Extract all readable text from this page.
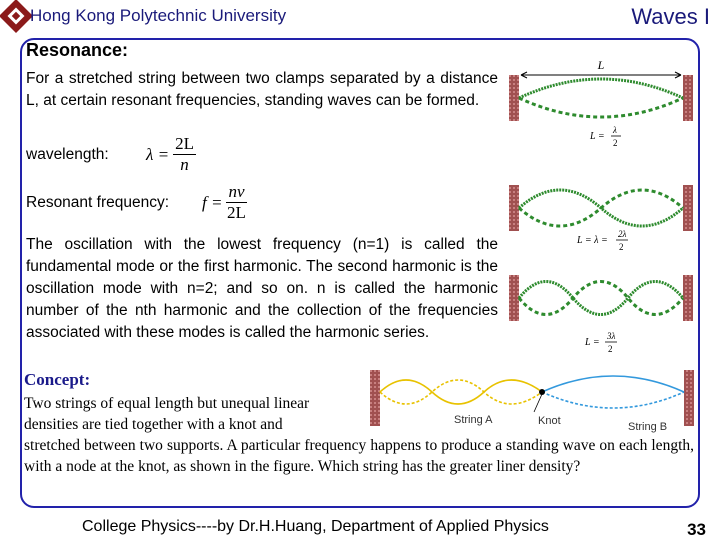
Hong Kong Polytechnic University	Waves I
Resonance:
For a stretched string between two clamps separated by a distance L, at certain resonant frequencies, standing waves can be formed.
wavelength: $\lambda = \frac{2L}{n}$
Resonant frequency: $f = \frac{nv}{2L}$
The oscillation with the lowest frequency (n=1) is called the fundamental mode or the first harmonic. The second harmonic is the oscillation mode with n=2; and so on. n is called the harmonic number of the nth harmonic and the collection of the frequencies associated with these modes is called the harmonic series.
L
L =
λ
2
L = λ =
2λ
2
L =
3λ
2
String A	Knot	String B
Concept:
Two strings of equal length but unequal linear
densities are tied together with a knot and
stretched between two supports. A particular frequency happens to produce a standing wave on each length, with a node at the knot, as shown in the figure. Which string has the greater liner density?
College Physics----by Dr.H.Huang, Department of Applied Physics	33
